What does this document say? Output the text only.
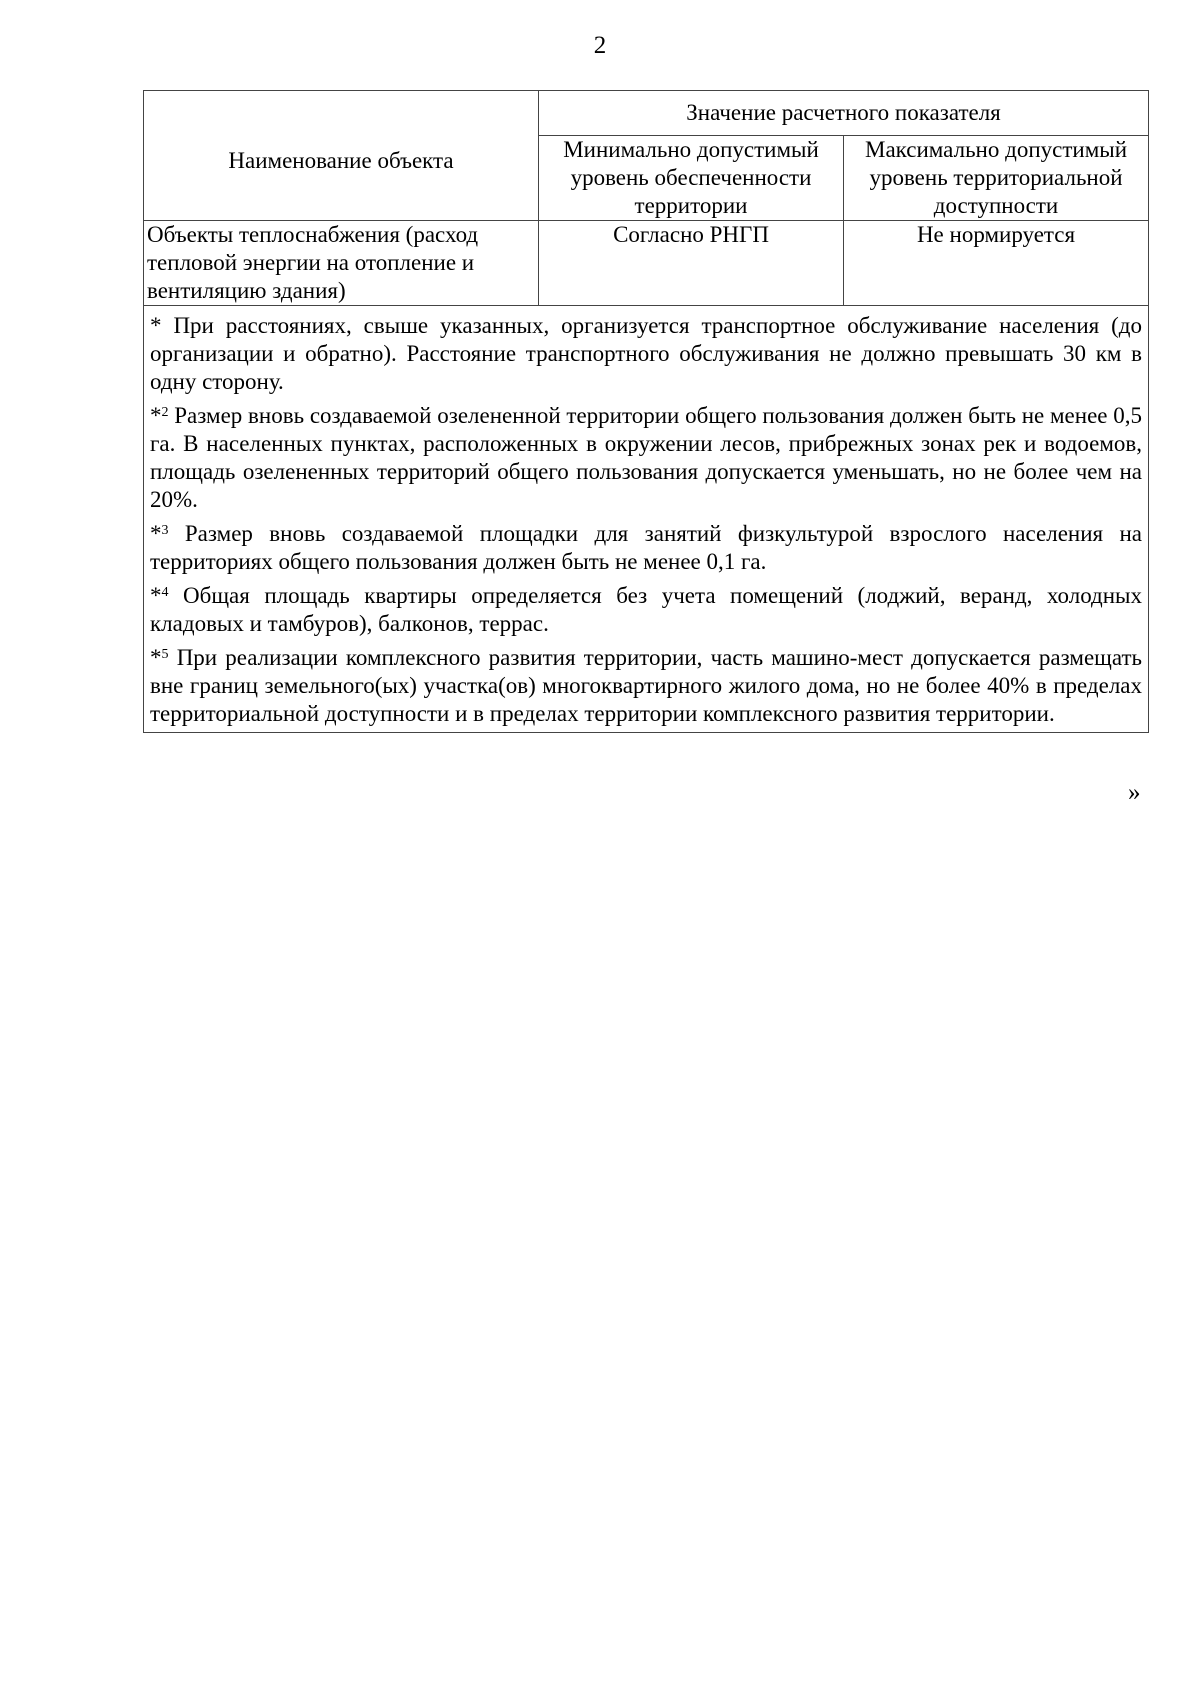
2
Наименование объекта	Значение расчетного показателя	
	Минимально допустимый уровень обеспеченности территории	Максимально допустимый уровень территориальной доступности
Объекты теплоснабжения (расход тепловой энергии на отопление и вентиляцию здания)	Согласно РНГП	Не нормируется

* При расстояниях, свыше указанных, организуется транспортное обслуживание населения (до организации и обратно). Расстояние транспортного обслуживания не должно превышать 30 км в одну сторону.

*$^2$ Размер вновь создаваемой озелененной территории общего пользования должен быть не менее 0,5 га. В населенных пунктах, расположенных в окружении лесов, прибрежных зонах рек и водоемов, площадь озелененных территорий общего пользования допускается уменьшать, но не более чем на 20%.

*$^3$ Размер вновь создаваемой площадки для занятий физкультурой взрослого населения на территориях общего пользования должен быть не менее 0,1 га.

*$^4$ Общая площадь квартиры определяется без учета помещений (лоджий, веранд, холодных кладовых и тамбуров), балконов, террас.

*$^5$ При реализации комплексного развития территории, часть машино-мест допускается размещать вне границ земельного(ых) участка(ов) многоквартирного жилого дома, но не более 40% в пределах территориальной доступности и в пределах территории комплексного развития территории.		

»
